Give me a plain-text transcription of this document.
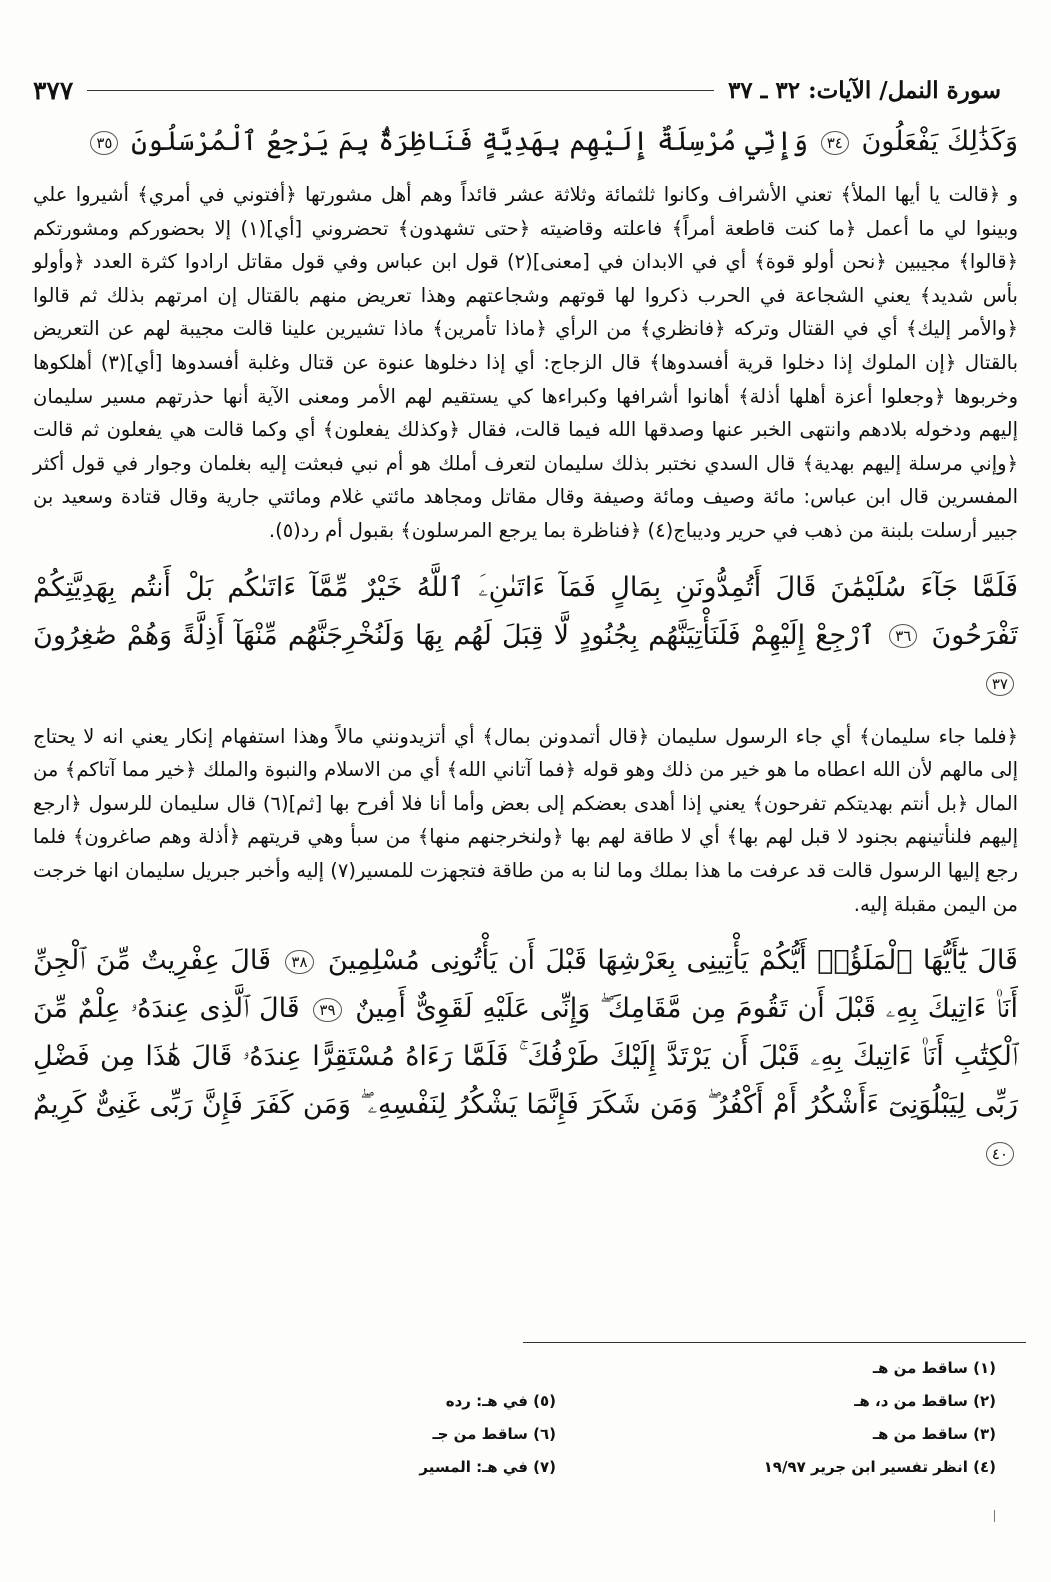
سورة النمل/ الآيات: ٣٢ ـ ٣٧
٣٧٧

وَكَذَٰلِكَ يَفْعَلُونَ ٣٤ وَإِنِّي مُرْسِلَةٌ إِلَيْهِم بِهَدِيَّةٍ فَنَاظِرَةٌۢ بِمَ يَرْجِعُ ٱلْمُرْسَلُونَ ٣٥

و ﴿قالت يا أيها الملأ﴾ تعني الأشراف وكانوا ثلثمائة وثلاثة عشر قائداً وهم أهل مشورتها ﴿أفتوني في أمري﴾ أشيروا علي وبينوا لي ما أعمل ﴿ما كنت قاطعة أمراً﴾ فاعلته وقاضيته ﴿حتى تشهدون﴾ تحضروني [أي](١) إلا بحضوركم ومشورتكم ﴿قالوا﴾ مجيبين ﴿نحن أولو قوة﴾ أي في الابدان في [معنى](٢) قول ابن عباس وفي قول مقاتل ارادوا كثرة العدد ﴿وأولو بأس شديد﴾ يعني الشجاعة في الحرب ذكروا لها قوتهم وشجاعتهم وهذا تعريض منهم بالقتال إن امرتهم بذلك ثم قالوا ﴿والأمر إليك﴾ أي في القتال وتركه ﴿فانظري﴾ من الرأي ﴿ماذا تأمرين﴾ ماذا تشيرين علينا قالت مجيبة لهم عن التعريض بالقتال ﴿إن الملوك إذا دخلوا قرية أفسدوها﴾ قال الزجاج: أي إذا دخلوها عنوة عن قتال وغلبة أفسدوها [أي](٣) أهلكوها وخربوها ﴿وجعلوا أعزة أهلها أذلة﴾ أهانوا أشرافها وكبراءها كي يستقيم لهم الأمر ومعنى الآية أنها حذرتهم مسير سليمان إليهم ودخوله بلادهم وانتهى الخبر عنها وصدقها الله فيما قالت، فقال ﴿وكذلك يفعلون﴾ أي وكما قالت هي يفعلون ثم قالت ﴿وإني مرسلة إليهم بهدية﴾ قال السدي نختبر بذلك سليمان لتعرف أملك هو أم نبي فبعثت إليه بغلمان وجوار في قول أكثر المفسرين قال ابن عباس: مائة وصيف ومائة وصيفة وقال مقاتل ومجاهد مائتي غلام ومائتي جارية وقال قتادة وسعيد بن جبير أرسلت بلبنة من ذهب في حرير وديباج(٤) ﴿فناظرة بما يرجع المرسلون﴾ بقبول أم رد(٥).

فَلَمَّا جَآءَ سُلَيْمَٰنَ قَالَ أَتُمِدُّونَنِ بِمَالٍ فَمَآ ءَاتَىٰنِۦَ ٱللَّهُ خَيْرٌ مِّمَّآ ءَاتَىٰكُم بَلْ أَنتُم بِهَدِيَّتِكُمْ تَفْرَحُونَ ٣٦ ٱرْجِعْ إِلَيْهِمْ فَلَنَأْتِيَنَّهُم بِجُنُودٍ لَّا قِبَلَ لَهُم بِهَا وَلَنُخْرِجَنَّهُم مِّنْهَآ أَذِلَّةً وَهُمْ صَٰغِرُونَ ٣٧

﴿فلما جاء سليمان﴾ أي جاء الرسول سليمان ﴿قال أتمدونن بمال﴾ أي أتزيدونني مالاً وهذا استفهام إنكار يعني انه لا يحتاج إلى مالهم لأن الله اعطاه ما هو خير من ذلك وهو قوله ﴿فما آتاني الله﴾ أي من الاسلام والنبوة والملك ﴿خير مما آتاكم﴾ من المال ﴿بل أنتم بهديتكم تفرحون﴾ يعني إذا أهدى بعضكم إلى بعض وأما أنا فلا أفرح بها [ثم](٦) قال سليمان للرسول ﴿ارجع إليهم فلنأتينهم بجنود لا قبل لهم بها﴾ أي لا طاقة لهم بها ﴿ولنخرجنهم منها﴾ من سبأ وهي قريتهم ﴿أذلة وهم صاغرون﴾ فلما رجع إليها الرسول قالت قد عرفت ما هذا بملك وما لنا به من طاقة فتجهزت للمسير(٧) إليه وأخبر جبريل سليمان انها خرجت من اليمن مقبلة إليه.

قَالَ يَٰٓأَيُّهَا ٱلْمَلَؤُا۟ أَيُّكُمْ يَأْتِينِى بِعَرْشِهَا قَبْلَ أَن يَأْتُونِى مُسْلِمِينَ ٣٨ قَالَ عِفْرِيتٌ مِّنَ ٱلْجِنِّ أَنَا۠ ءَاتِيكَ بِهِۦ قَبْلَ أَن تَقُومَ مِن مَّقَامِكَ ۖ وَإِنِّى عَلَيْهِ لَقَوِىٌّ أَمِينٌ ٣٩ قَالَ ٱلَّذِى عِندَهُۥ عِلْمٌ مِّنَ ٱلْكِتَٰبِ أَنَا۠ ءَاتِيكَ بِهِۦ قَبْلَ أَن يَرْتَدَّ إِلَيْكَ طَرْفُكَ ۚ فَلَمَّا رَءَاهُ مُسْتَقِرًّا عِندَهُۥ قَالَ هَٰذَا مِن فَضْلِ رَبِّى لِيَبْلُوَنِىٓ ءَأَشْكُرُ أَمْ أَكْفُرُ ۖ وَمَن شَكَرَ فَإِنَّمَا يَشْكُرُ لِنَفْسِهِۦ ۖ وَمَن كَفَرَ فَإِنَّ رَبِّى غَنِىٌّ كَرِيمٌ ٤٠

(١) ساقط من هـ
(٢) ساقط من د، هـ
(٣) ساقط من هـ
(٤) انظر تفسير ابن جرير ١٩/٩٧
(٥) في هـ: رده
(٦) ساقط من جـ
(٧) في هـ: المسير
